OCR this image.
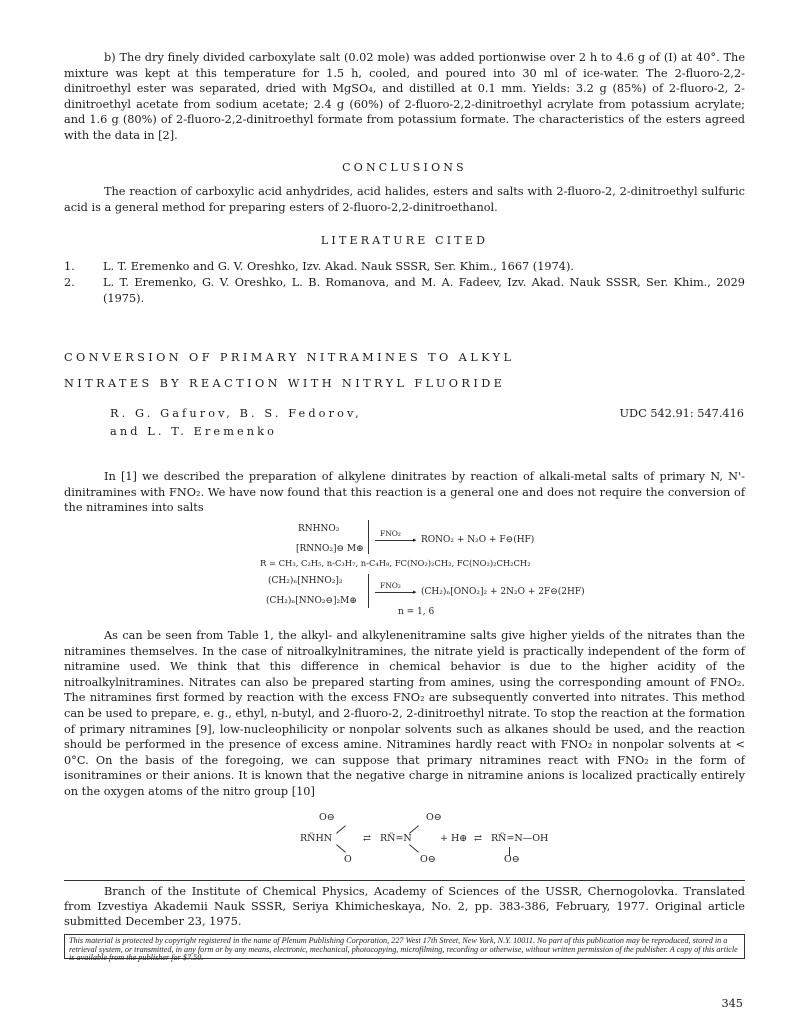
b) The dry finely divided carboxylate salt (0.02 mole) was added portionwise over 2 h to 4.6 g of (I) at 40°. The mixture was kept at this temperature for 1.5 h, cooled, and poured into 30 ml of ice-water. The 2-fluoro-2,2-dinitroethyl ester was separated, dried with MgSO₄, and distilled at 0.1 mm. Yields: 3.2 g (85%) of 2-fluoro-2, 2-dinitroethyl acetate from sodium acetate; 2.4 g (60%) of 2-fluoro-2,2-dinitroethyl acrylate from potassium acrylate; and 1.6 g (80%) of 2-fluoro-2,2-dinitroethyl formate from potassium formate. The characteristics of the esters agreed with the data in [2].

CONCLUSIONS

The reaction of carboxylic acid anhydrides, acid halides, esters and salts with 2-fluoro-2, 2-dinitroethyl sulfuric acid is a general method for preparing esters of 2-fluoro-2,2-dinitroethanol.

LITERATURE CITED
1. L. T. Eremenko and G. V. Oreshko, Izv. Akad. Nauk SSSR, Ser. Khim., 1667 (1974).
2. L. T. Eremenko, G. V. Oreshko, L. B. Romanova, and M. A. Fadeev, Izv. Akad. Nauk SSSR, Ser. Khim., 2029 (1975).
CONVERSION OF PRIMARY NITRAMINES TO ALKYL
NITRATES BY REACTION WITH NITRYL FLUORIDE
R. G. Gafurov, B. S. Fedorov,
and L. T. Eremenko
UDC 542.91: 547.416

In [1] we described the preparation of alkylene dinitrates by reaction of alkali-metal salts of primary N, N'-dinitramines with FNO₂. We have now found that this reaction is a general one and does not require the conversion of the nitramines into salts

RNHNO₂
[RNNO₂]⊖ M⊕
FNO₂
▸ RONO₂ + N₂O + F⊖(HF)
R = CH₃, C₂H₅, n-C₃H₇, n-C₄H₉, FC(NO₂)₂CH₂, FC(NO₂)₂CH₂CH₂
(CH₂)ₙ[NHNO₂]₂
(CH₂)ₙ[NNO₂⊖]₂M⊕
FNO₂
▸ (CH₂)ₙ[ONO₂]₂ + 2N₂O + 2F⊖(2HF)
n = 1, 6

As can be seen from Table 1, the alkyl- and alkylenenitramine salts give higher yields of the nitrates than the nitramines themselves. In the case of nitroalkylnitramines, the nitrate yield is practically independent of the form of nitramine used. We think that this difference in chemical behavior is due to the higher acidity of the nitroalkylnitramines. Nitrates can also be prepared starting from amines, using the corresponding amount of FNO₂. The nitramines first formed by reaction with the excess FNO₂ are subsequently converted into nitrates. This method can be used to prepare, e. g., ethyl, n-butyl, and 2-fluoro-2, 2-dinitroethyl nitrate. To stop the reaction at the formation of primary nitramines [9], low-nucleophilicity or nonpolar solvents such as alkanes should be used, and the reaction should be performed in the presence of excess amine. Nitramines hardly react with FNO₂ in nonpolar solvents at < 0°C. On the basis of the foregoing, we can suppose that primary nitramines react with FNO₂ in the form of isonitramines or their anions. It is known that the negative charge in nitramine anions is localized practically entirely on the oxygen atoms of the nitro group [10]

O⊖
RN̈HN
O
⇄
O⊖
RN̈=N
O⊖
+ H⊕ ⇄ RN̈=N—OH
O⊖

Branch of the Institute of Chemical Physics, Academy of Sciences of the USSR, Chernogolovka. Translated from Izvestiya Akademii Nauk SSSR, Seriya Khimicheskaya, No. 2, pp. 383-386, February, 1977. Original article submitted December 23, 1975.

This material is protected by copyright registered in the name of Plenum Publishing Corporation, 227 West 17th Street, New York, N.Y. 10011. No part of this publication may be reproduced, stored in a retrieval system, or transmitted, in any form or by any means, electronic, mechanical, photocopying, microfilming, recording or otherwise, without written permission of the publisher. A copy of this article is available from the publisher for $7.50.
345
